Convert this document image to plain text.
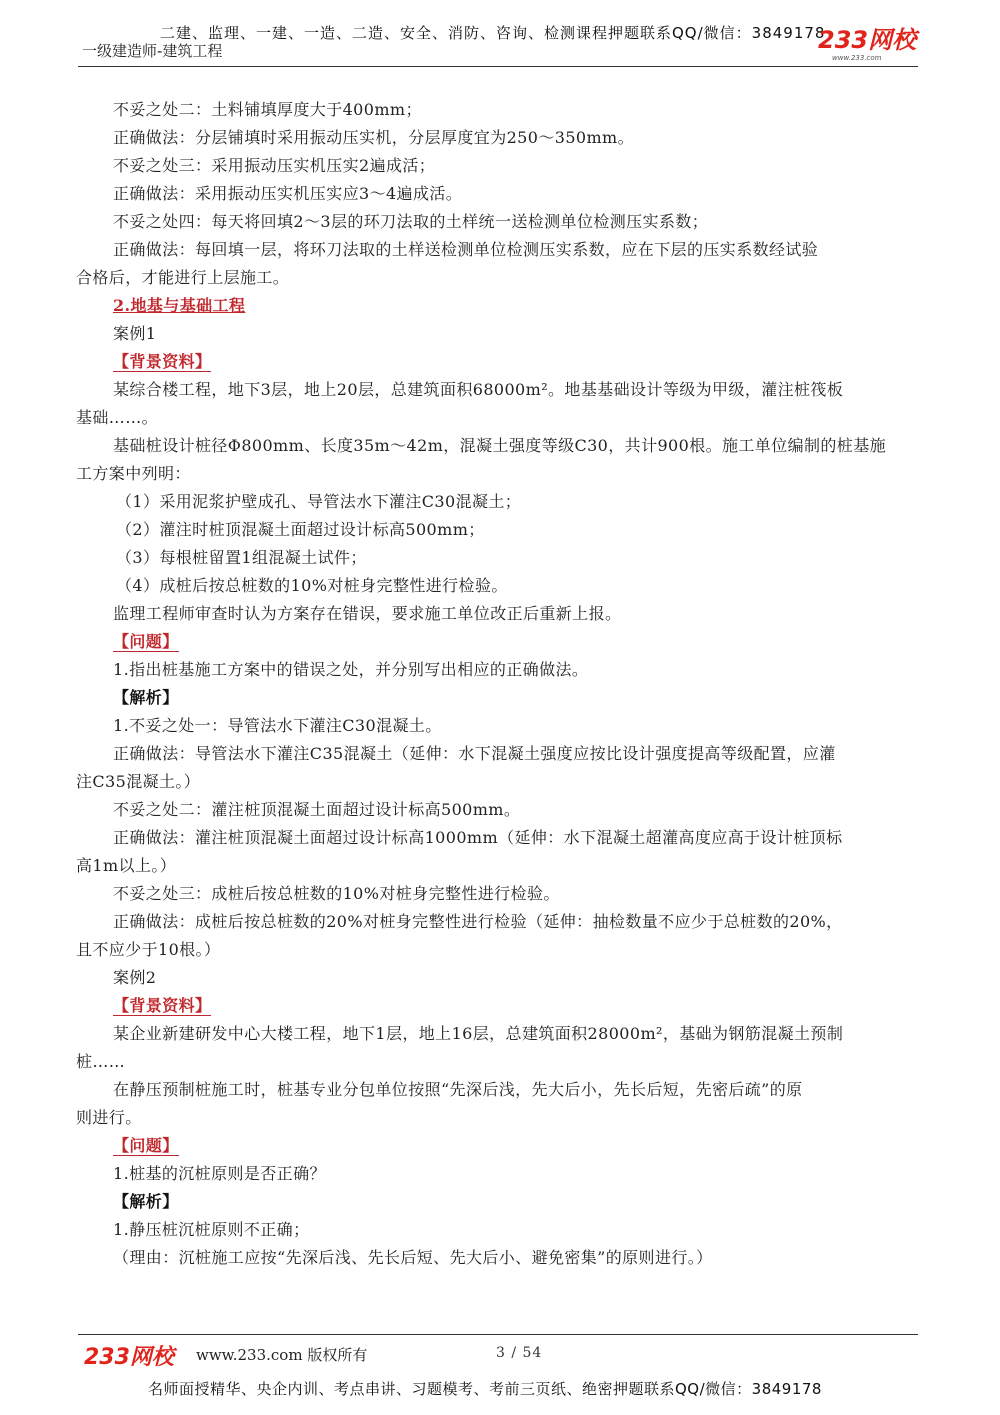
二建、监理、一建、一造、二造、安全、消防、咨询、检测课程押题联系QQ/微信：3849178
一级建造师-建筑工程	233网校
www.233.com
不妥之处二：土料铺填厚度大于400mm；
正确做法：分层铺填时采用振动压实机，分层厚度宜为250～350mm。
不妥之处三：采用振动压实机压实2遍成活；
正确做法：采用振动压实机压实应3～4遍成活。
不妥之处四：每天将回填2～3层的环刀法取的土样统一送检测单位检测压实系数；
正确做法：每回填一层，将环刀法取的土样送检测单位检测压实系数，应在下层的压实系数经试验
合格后，才能进行上层施工。
2.地基与基础工程
案例1
【背景资料】
某综合楼工程，地下3层，地上20层，总建筑面积68000m²。地基基础设计等级为甲级，灌注桩筏板
基础……。
基础桩设计桩径Φ800mm、长度35m～42m，混凝土强度等级C30，共计900根。施工单位编制的桩基施
工方案中列明：
（1）采用泥浆护壁成孔、导管法水下灌注C30混凝土；
（2）灌注时桩顶混凝土面超过设计标高500mm；
（3）每根桩留置1组混凝土试件；
（4）成桩后按总桩数的10%对桩身完整性进行检验。
监理工程师审查时认为方案存在错误，要求施工单位改正后重新上报。
【问题】
1.指出桩基施工方案中的错误之处，并分别写出相应的正确做法。
【解析】
1.不妥之处一：导管法水下灌注C30混凝土。
正确做法：导管法水下灌注C35混凝土（延伸：水下混凝土强度应按比设计强度提高等级配置，应灌
注C35混凝土。）
不妥之处二：灌注桩顶混凝土面超过设计标高500mm。
正确做法：灌注桩顶混凝土面超过设计标高1000mm（延伸：水下混凝土超灌高度应高于设计桩顶标
高1m以上。）
不妥之处三：成桩后按总桩数的10%对桩身完整性进行检验。
正确做法：成桩后按总桩数的20%对桩身完整性进行检验（延伸：抽检数量不应少于总桩数的20%，
且不应少于10根。）
案例2
【背景资料】
某企业新建研发中心大楼工程，地下1层，地上16层，总建筑面积28000m²，基础为钢筋混凝土预制
桩……
在静压预制桩施工时，桩基专业分包单位按照“先深后浅，先大后小，先长后短，先密后疏”的原
则进行。
【问题】
1.桩基的沉桩原则是否正确？
【解析】
1.静压桩沉桩原则不正确；
（理由：沉桩施工应按“先深后浅、先长后短、先大后小、避免密集”的原则进行。）
233网校 www.233.com 版权所有	3 / 54
名师面授精华、央企内训、考点串讲、习题模考、考前三页纸、绝密押题联系QQ/微信：3849178
